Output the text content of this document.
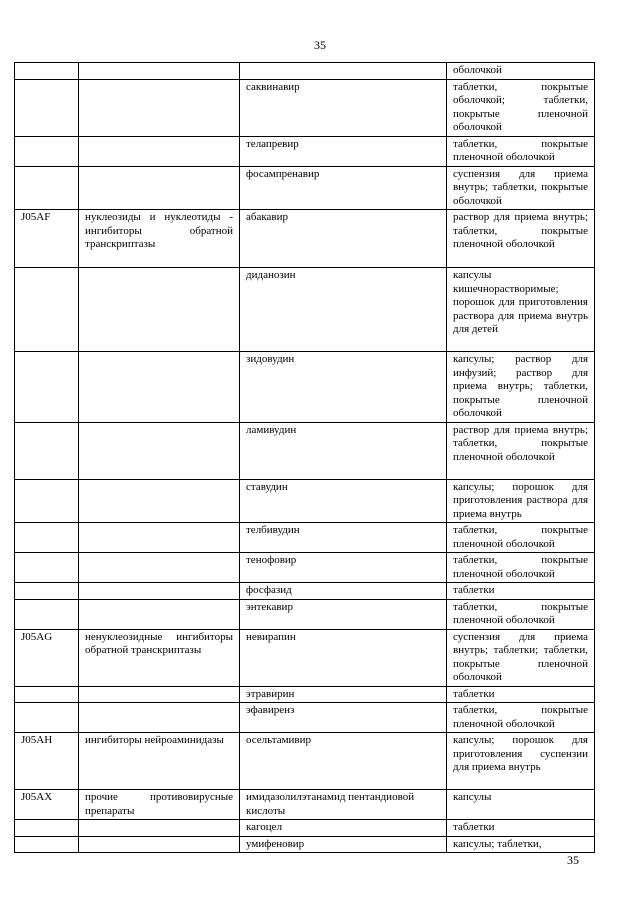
35
			оболочкой
		саквинавир	таблетки, покрытые оболочкой; таблетки, покрытые пленочной оболочкой
		телапревир	таблетки, покрытые пленочной оболочкой
		фосампренавир	суспензия для приема внутрь; таблетки, покрытые оболочкой
J05AF	нуклеозиды и нуклеотиды - ингибиторы обратной транскриптазы	абакавир	раствор для приема внутрь; таблетки, покрытые пленочной оболочкой
		диданозин	капсулы кишечнорастворимые; порошок для приготовления раствора для приема внутрь для детей
		зидовудин	капсулы; раствор для инфузий; раствор для приема внутрь; таблетки, покрытые пленочной оболочкой
		ламивудин	раствор для приема внутрь; таблетки, покрытые пленочной оболочкой
		ставудин	капсулы; порошок для приготовления раствора для приема внутрь
		телбивудин	таблетки, покрытые пленочной оболочкой
		тенофовир	таблетки, покрытые пленочной оболочкой
		фосфазид	таблетки
		энтекавир	таблетки, покрытые пленочной оболочкой
J05AG	ненуклеозидные ингибиторы обратной транскриптазы	невирапин	суспензия для приема внутрь; таблетки; таблетки, покрытые пленочной оболочкой
		этравирин	таблетки
		эфавиренз	таблетки, покрытые пленочной оболочкой
J05AH	ингибиторы нейроаминидазы	осельтамивир	капсулы; порошок для приготовления суспензии для приема внутрь
J05AX	прочие противовирусные препараты	имидазолилэтанамид пентандиовой кислоты	капсулы
		кагоцел	таблетки
		умифеновир	капсулы; таблетки,
35
